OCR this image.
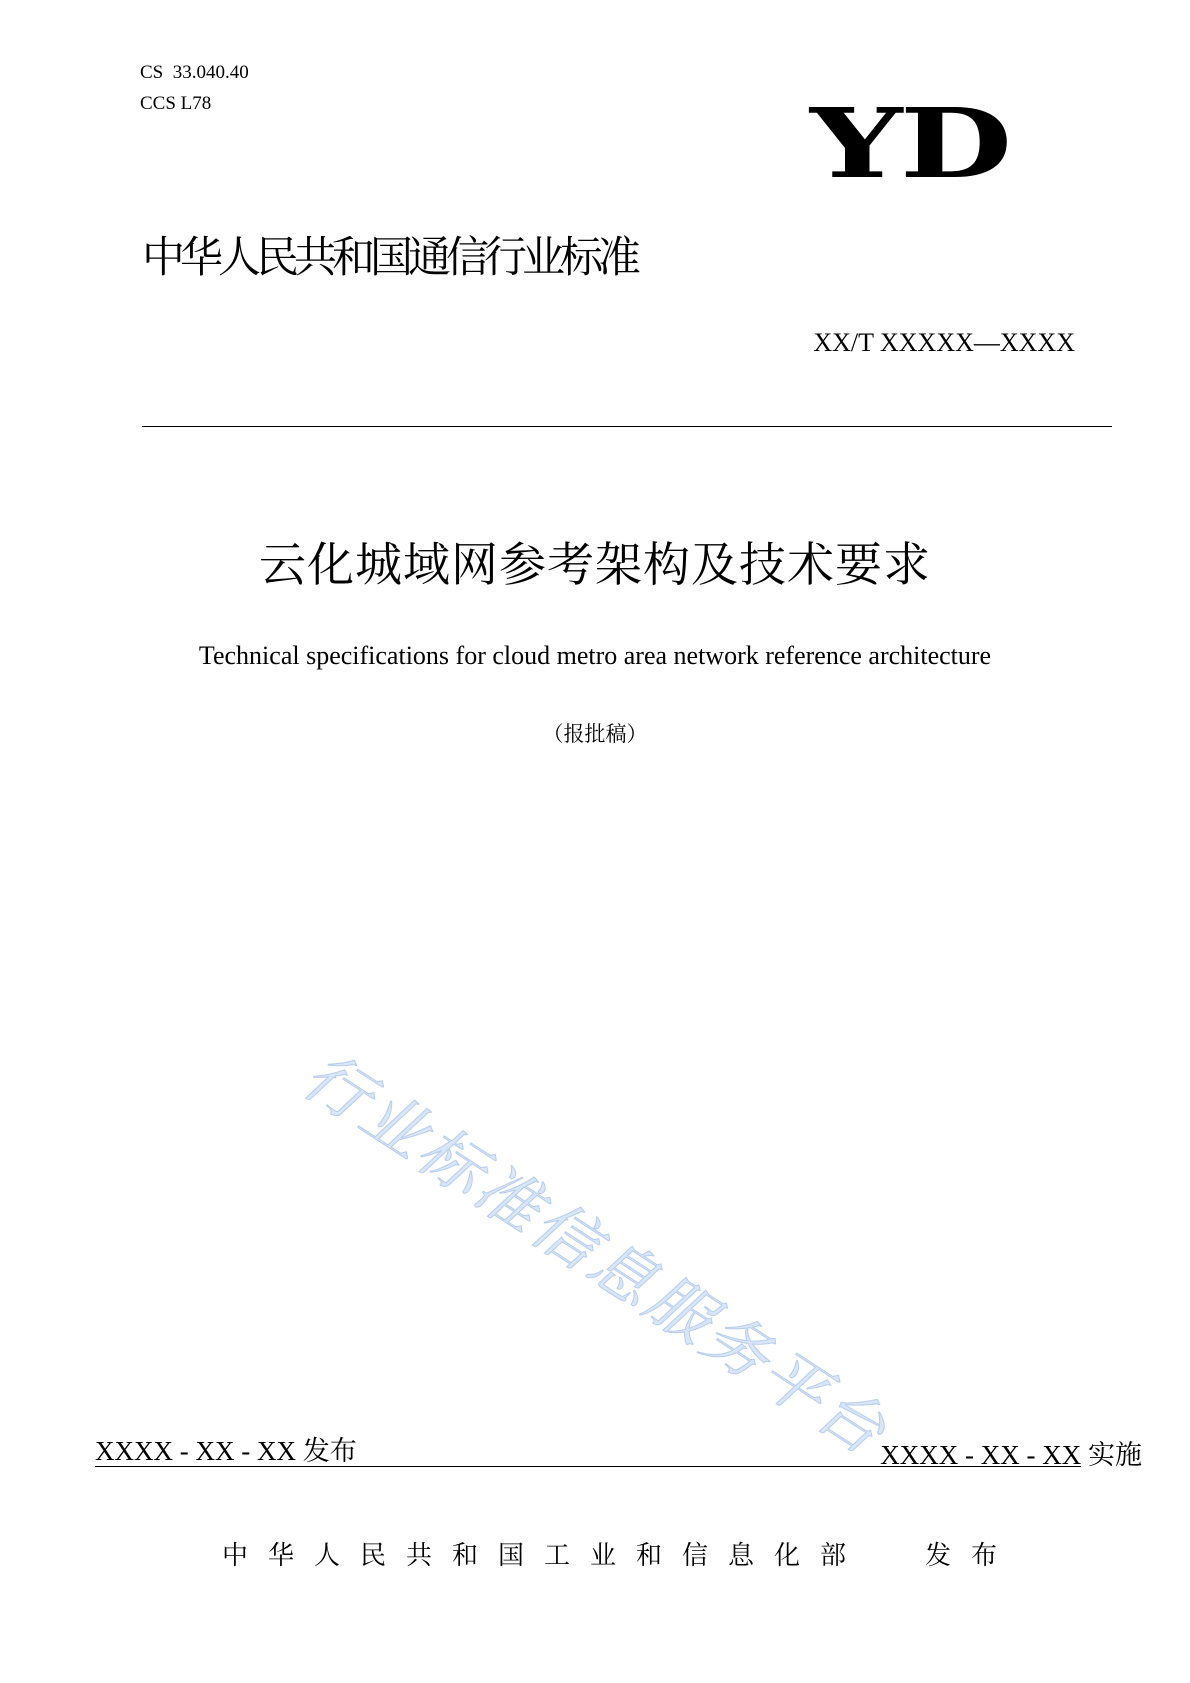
CS  33.040.40
CCS L78	YD
中华人民共和国通信行业标准
XX/T XXXXX—XXXX
云化城域网参考架构及技术要求
Technical specifications for cloud metro area network reference architecture
（报批稿）
行业标准信息服务平台
XXXX - XX - XX 发布	XXXX - XX - XX 实施
中华人民共和国工业和信息化部 发布
